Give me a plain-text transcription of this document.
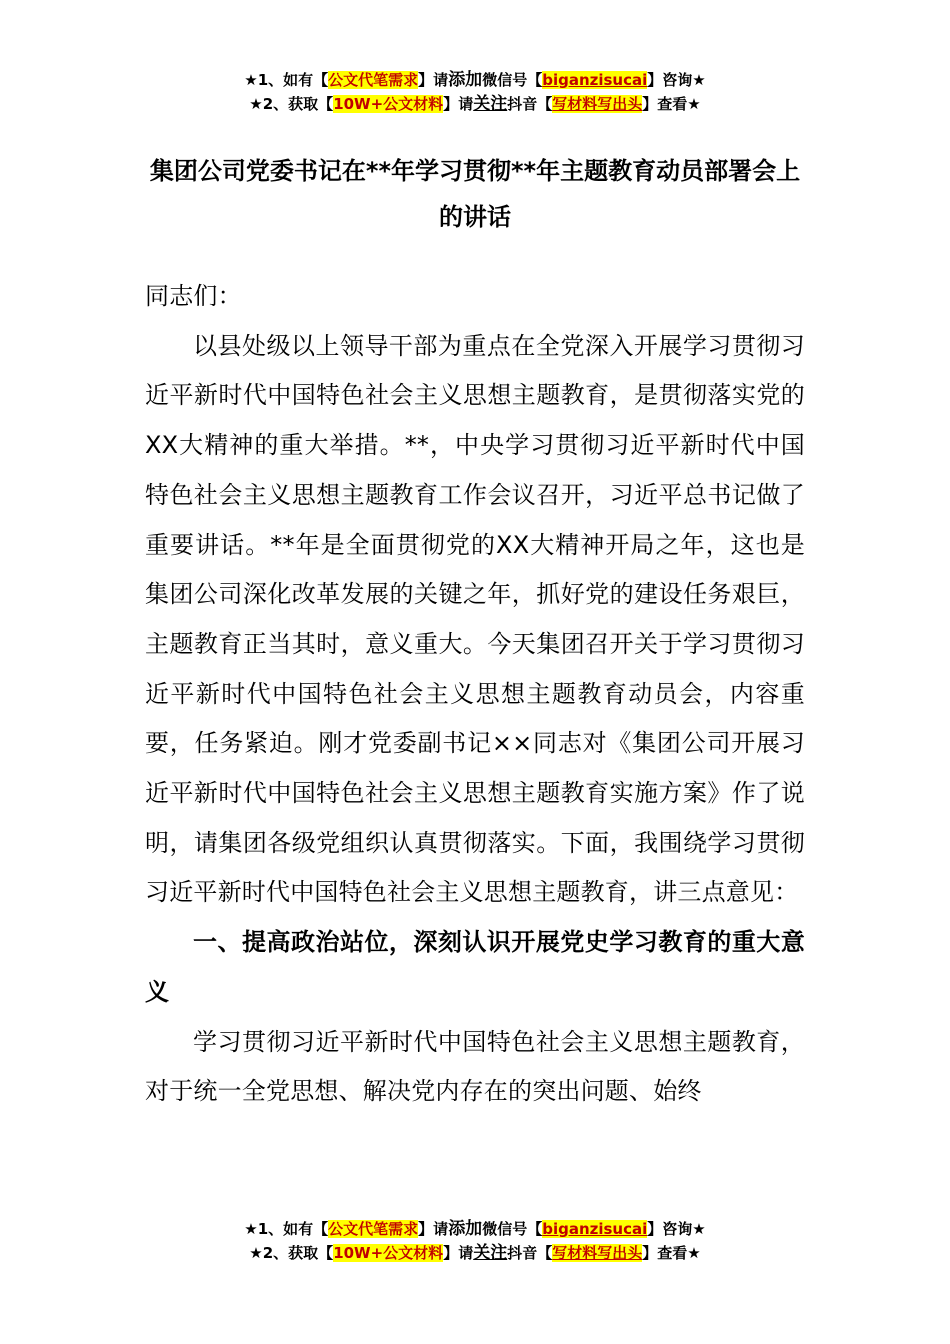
★1、如有【公文代笔需求】请添加微信号【biganzisucai】咨询★
★2、获取【10W+公文材料】请关注抖音【写材料写出头】查看★
集团公司党委书记在**年学习贯彻**年主题教育动员部署会上的讲话

同志们：

以县处级以上领导干部为重点在全党深入开展学习贯彻习近平新时代中国特色社会主义思想主题教育，是贯彻落实党的XX大精神的重大举措。**，中央学习贯彻习近平新时代中国特色社会主义思想主题教育工作会议召开，习近平总书记做了重要讲话。**年是全面贯彻党的XX大精神开局之年，这也是集团公司深化改革发展的关键之年，抓好党的建设任务艰巨，主题教育正当其时，意义重大。今天集团召开关于学习贯彻习近平新时代中国特色社会主义思想主题教育动员会，内容重要，任务紧迫。刚才党委副书记××同志对《集团公司开展习近平新时代中国特色社会主义思想主题教育实施方案》作了说明，请集团各级党组织认真贯彻落实。下面，我围绕学习贯彻习近平新时代中国特色社会主义思想主题教育，讲三点意见：

一、提高政治站位，深刻认识开展党史学习教育的重大意义

学习贯彻习近平新时代中国特色社会主义思想主题教育，对于统一全党思想、解决党内存在的突出问题、始终

★1、如有【公文代笔需求】请添加微信号【biganzisucai】咨询★
★2、获取【10W+公文材料】请关注抖音【写材料写出头】查看★
